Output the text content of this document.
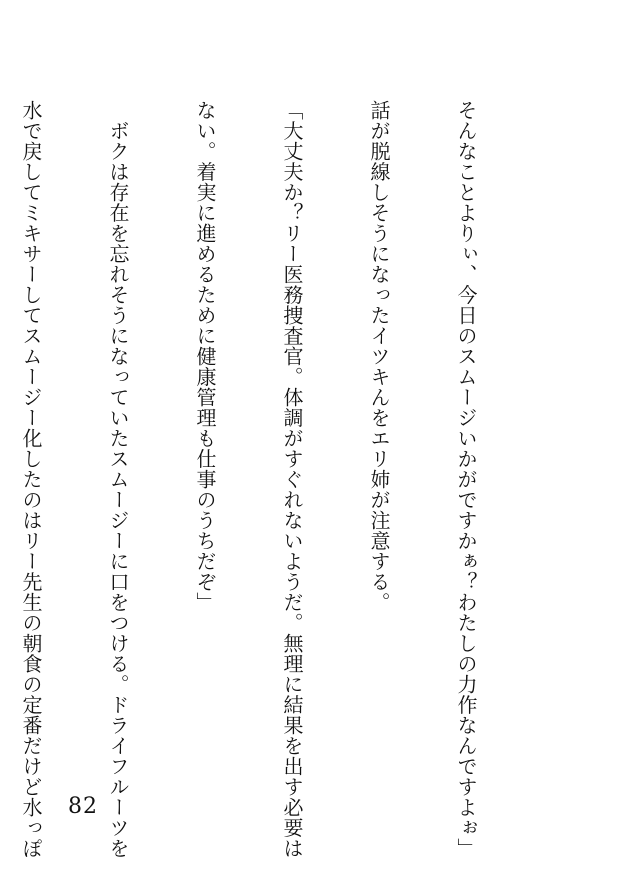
そんなことよりぃ、今日のスムージいかがですかぁ？わたしの力作なんですよぉ」

話が脱線しそうになったイツキんをエリ姉が注意する。

「大丈夫か？リー医務捜査官。体調がすぐれないようだ。無理に結果を出す必要は

ない。着実に進めるために健康管理も仕事のうちだぞ」

　ボクは存在を忘れそうになっていたスムージーに口をつける。ドライフルーツを

水で戻してミキサーしてスムージー化したのはリー先生の朝食の定番だけど水っぽ

82
